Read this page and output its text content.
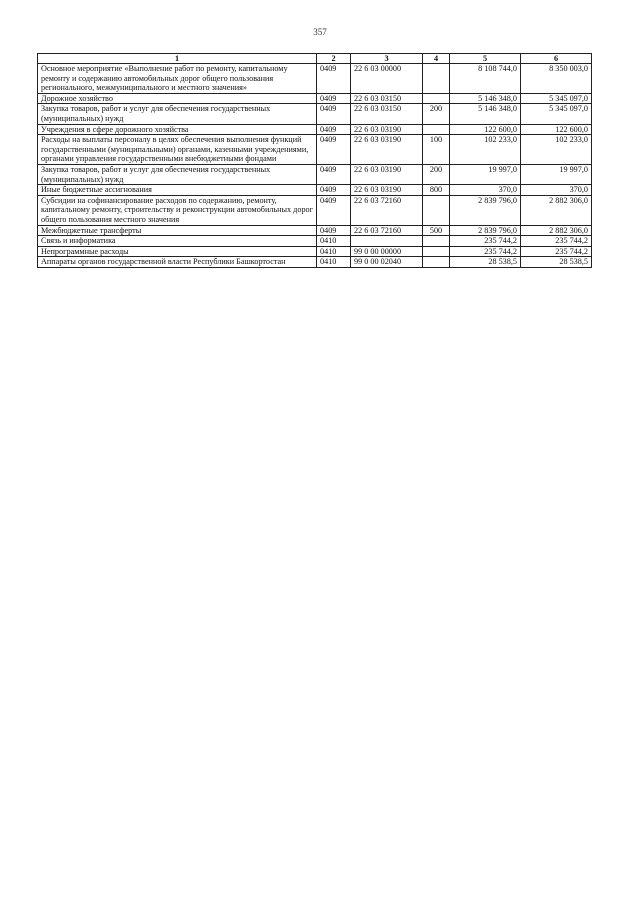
357
1	2	3	4	5	6
Основное мероприятие «Выполнение работ по ремонту, капитальному ремонту и содержанию автомобильных дорог общего пользования регионального, межмуниципального и местного значения»	0409	22 6 03 00000		8 108 744,0	8 350 003,0
Дорожное хозяйство	0409	22 6 03 03150		5 146 348,0	5 345 097,0
Закупка товаров, работ и услуг для обеспечения государственных (муниципальных) нужд	0409	22 6 03 03150	200	5 146 348,0	5 345 097,0
Учреждения в сфере дорожного хозяйства	0409	22 6 03 03190		122 600,0	122 600,0
Расходы на выплаты персоналу в целях обеспечения выполнения функций государственными (муниципальными) органами, казенными учреждениями, органами управления государственными внебюджетными фондами	0409	22 6 03 03190	100	102 233,0	102 233,0
Закупка товаров, работ и услуг для обеспечения государственных (муниципальных) нужд	0409	22 6 03 03190	200	19 997,0	19 997,0
Иные бюджетные ассигнования	0409	22 6 03 03190	800	370,0	370,0
Субсидии на софинансирование расходов по содержанию, ремонту, капитальному ремонту, строительству и реконструкции автомобильных дорог общего пользования местного значения	0409	22 6 03 72160		2 839 796,0	2 882 306,0
Межбюджетные трансферты	0409	22 6 03 72160	500	2 839 796,0	2 882 306,0
Связь и информатика	0410			235 744,2	235 744,2
Непрограммные расходы	0410	99 0 00 00000		235 744,2	235 744,2
Аппараты органов государственной власти Республики Башкортостан	0410	99 0 00 02040		28 538,5	28 538,5
